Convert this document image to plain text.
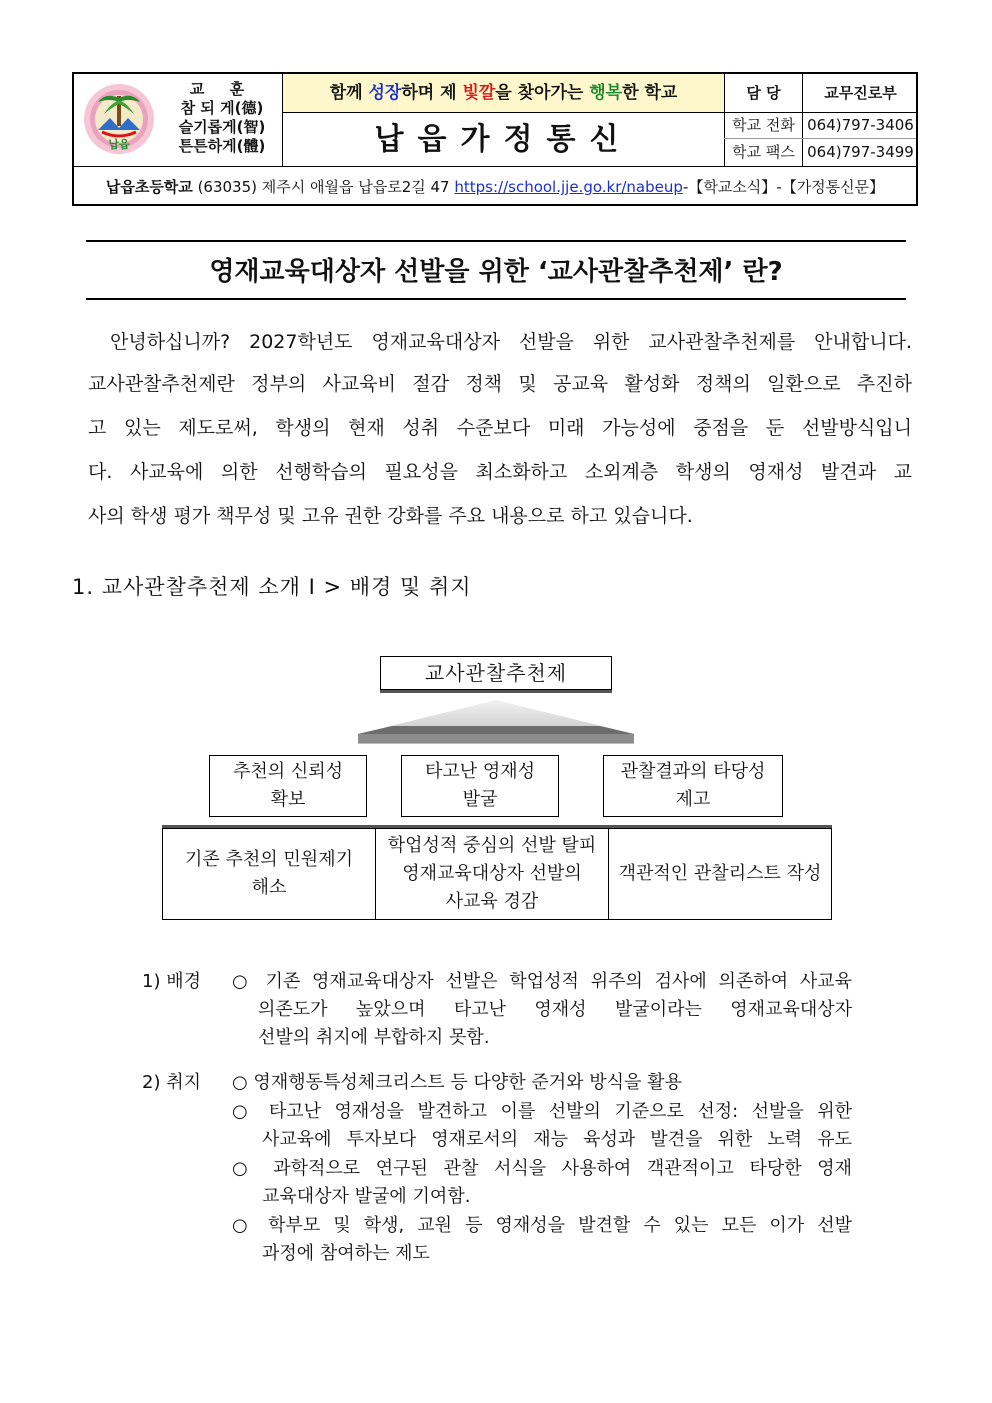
납읍
교 훈
참 되 게(德)
슬기롭게(智)
튼튼하게(體)
함께 성장하며 제 빛깔을 찾아가는 행복한 학교
납읍가정통신
담 당	교무진로부
학교 전화 064)797-3406
학교 팩스 064)797-3499
납읍초등학교 (63035) 제주시 애월읍 납읍로2길 47 https://school.jje.go.kr/nabeup-【학교소식】-【가정통신문】
영재교육대상자 선발을 위한 ‘교사관찰추천제’ 란?
안녕하십니까? 2027학년도 영재교육대상자 선발을 위한 교사관찰추천제를 안내합니다.
교사관찰추천제란 정부의 사교육비 절감 정책 및 공교육 활성화 정책의 일환으로 추진하
고 있는 제도로써, 학생의 현재 성취 수준보다 미래 가능성에 중점을 둔 선발방식입니
다. 사교육에 의한 선행학습의 필요성을 최소화하고 소외계층 학생의 영재성 발견과 교
사의 학생 평가 책무성 및 고유 권한 강화를 주요 내용으로 하고 있습니다.
1. 교사관찰추천제 소개 Ⅰ > 배경 및 취지
교사관찰추천제
추천의 신뢰성
확보
타고난 영재성
발굴
관찰결과의 타당성
제고
기존 추천의 민원제기
해소
학업성적 중심의 선발 탈피
영재교육대상자 선발의
사교육 경감
객관적인 관찰리스트 작성
1) 배경 ○ 기존 영재교육대상자 선발은 학업성적 위주의 검사에 의존하여 사교육
의존도가 높았으며 타고난 영재성 발굴이라는 영재교육대상자
선발의 취지에 부합하지 못함.
2) 취지 ○ 영재행동특성체크리스트 등 다양한 준거와 방식을 활용
○ 타고난 영재성을 발견하고 이를 선발의 기준으로 선정: 선발을 위한
사교육에 투자보다 영재로서의 재능 육성과 발견을 위한 노력 유도
○ 과학적으로 연구된 관찰 서식을 사용하여 객관적이고 타당한 영재
교육대상자 발굴에 기여함.
○ 학부모 및 학생, 교원 등 영재성을 발견할 수 있는 모든 이가 선발
과정에 참여하는 제도
